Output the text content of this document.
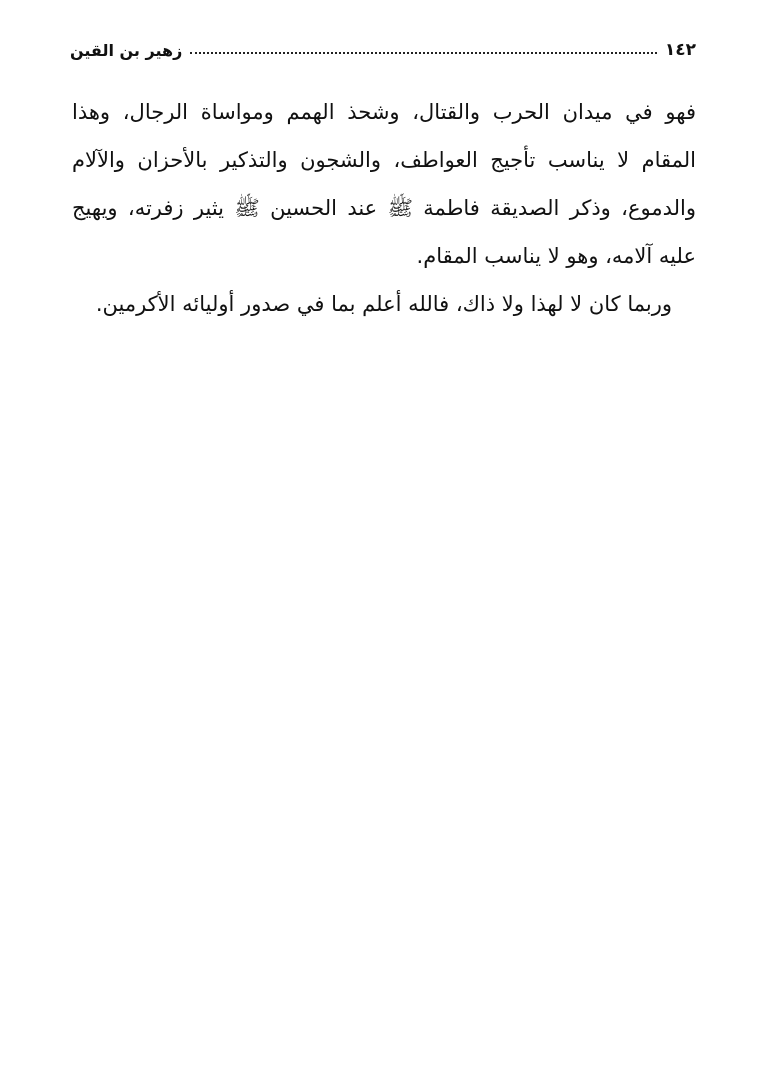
١٤٢
زهير بن القين

فهو في ميدان الحرب والقتال، وشحذ الهمم ومواساة الرجال، وهذا المقام لا يناسب تأجيج العواطف، والشجون والتذكير بالأحزان والآلام والدموع، وذكر الصديقة فاطمة ﷺ عند الحسين ﷺ يثير زفرته، ويهيج عليه آلامه، وهو لا يناسب المقام.

وربما كان لا لهذا ولا ذاك، فالله أعلم بما في صدور أوليائه الأكرمين.
